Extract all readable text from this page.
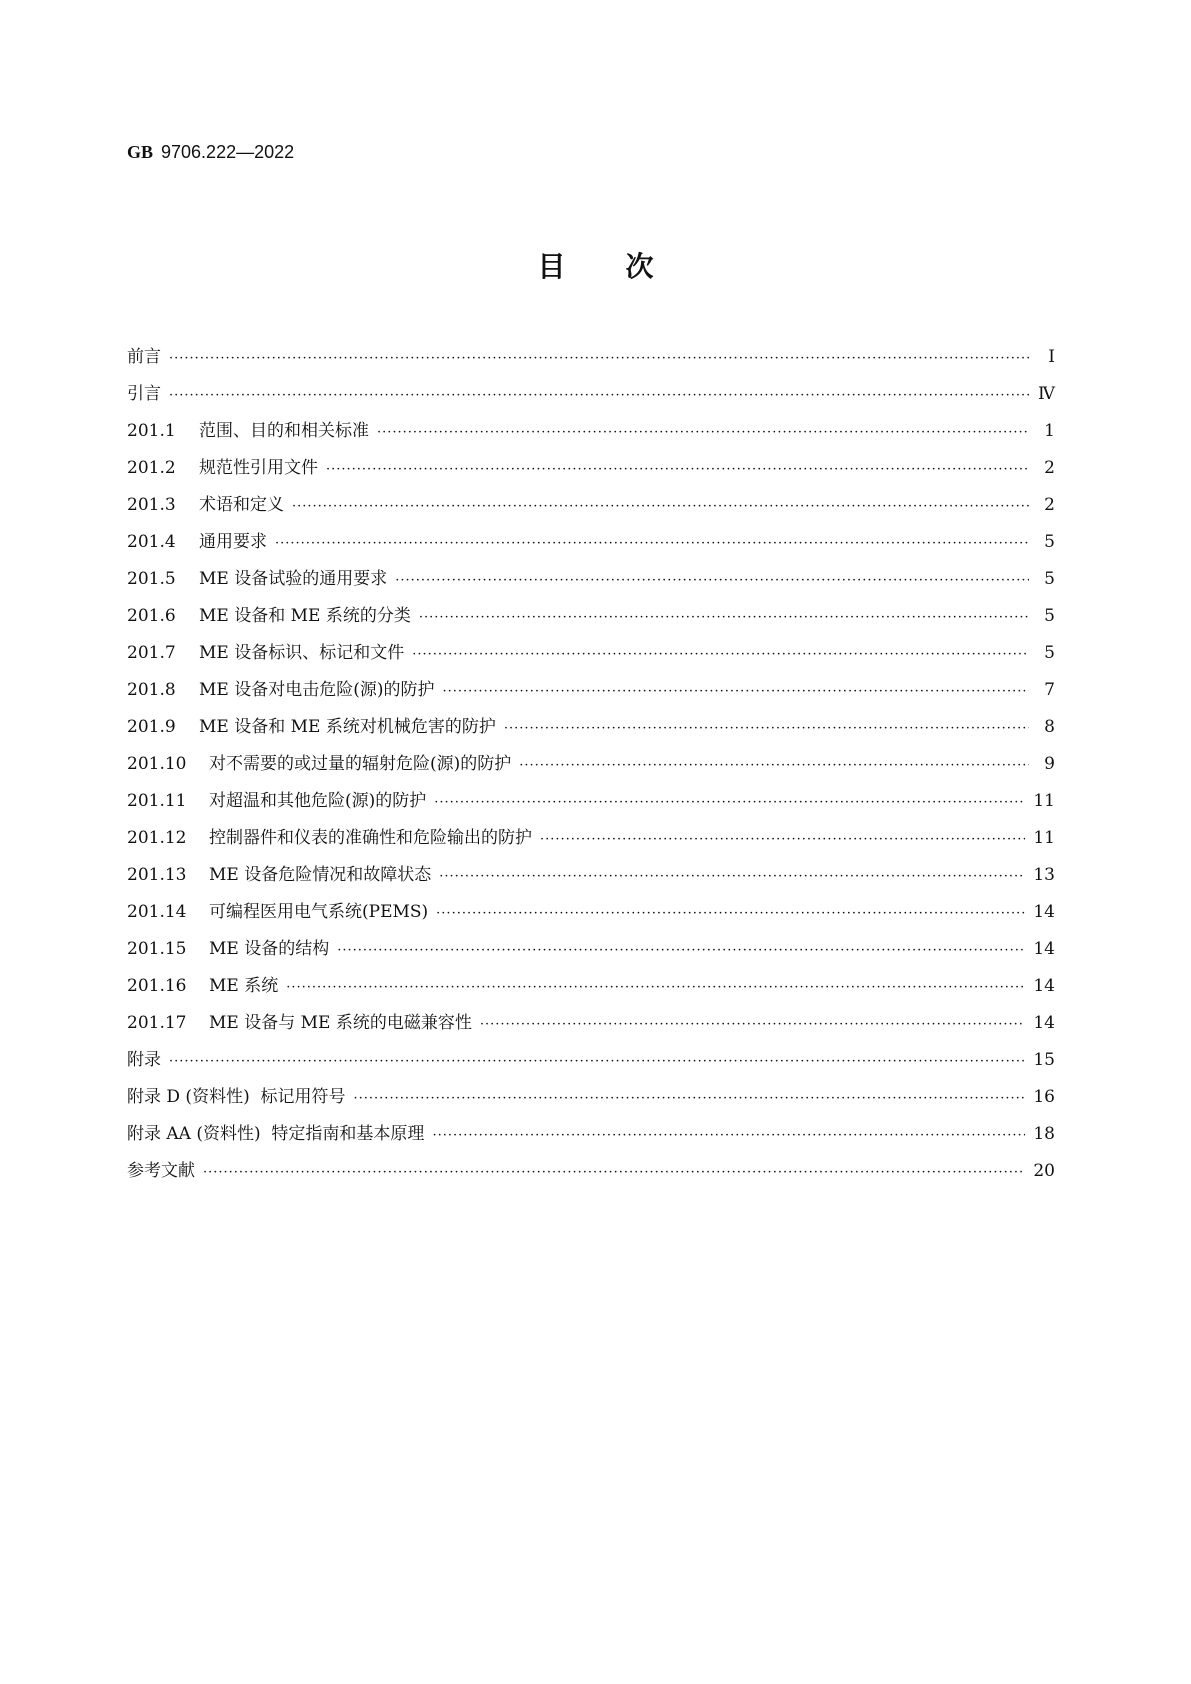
GB 9706.222—2022
目次
前言 ·····	Ⅰ
引言 ·····	Ⅳ
201.1	范围、目的和相关标准 ·····	1
201.2	规范性引用文件 ·····	2
201.3	术语和定义 ·····	2
201.4	通用要求 ·····	5
201.5	ME 设备试验的通用要求 ·····	5
201.6	ME 设备和 ME 系统的分类 ·····	5
201.7	ME 设备标识、标记和文件 ·····	5
201.8	ME 设备对电击危险(源)的防护 ·····	7
201.9	ME 设备和 ME 系统对机械危害的防护 ·····	8
201.10	对不需要的或过量的辐射危险(源)的防护 ·····	9
201.11	对超温和其他危险(源)的防护 ·····	11
201.12	控制器件和仪表的准确性和危险输出的防护 ·····	11
201.13	ME 设备危险情况和故障状态 ·····	13
201.14	可编程医用电气系统(PEMS) ·····	14
201.15	ME 设备的结构 ·····	14
201.16	ME 系统 ·····	14
201.17	ME 设备与 ME 系统的电磁兼容性 ·····	14
附录 ·····	15
附录 D (资料性)  标记用符号 ·····	16
附录 AA (资料性)  特定指南和基本原理 ·····	18
参考文献 ·····	20
